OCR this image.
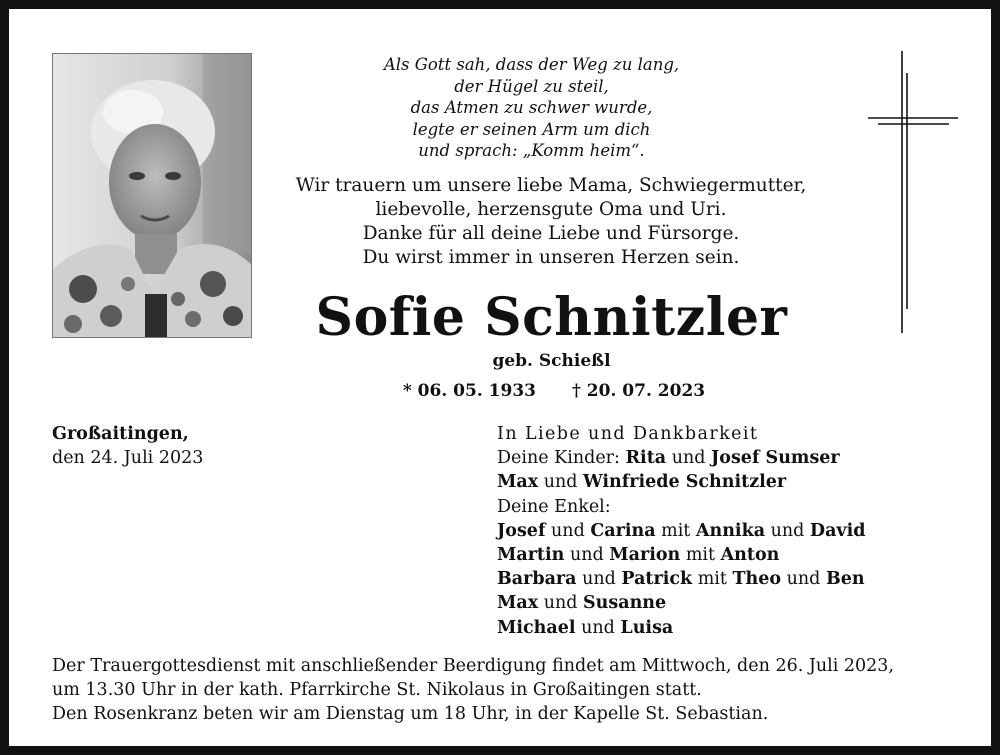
Als Gott sah, dass der Weg zu lang,
der Hügel zu steil,
das Atmen zu schwer wurde,
legte er seinen Arm um dich
und sprach: „Komm heim“.
Wir trauern um unsere liebe Mama, Schwiegermutter,
liebevolle, herzensgute Oma und Uri.
Danke für all deine Liebe und Fürsorge.
Du wirst immer in unseren Herzen sein.
Sofie Schnitzler
geb. Schießl
* 06. 05. 1933 † 20. 07. 2023
Großaitingen,
den 24. Juli 2023
In Liebe und Dankbarkeit
Deine Kinder: Rita und Josef Sumser
Max und Winfriede Schnitzler
Deine Enkel:
Josef und Carina mit Annika und David
Martin und Marion mit Anton
Barbara und Patrick mit Theo und Ben
Max und Susanne
Michael und Luisa
Der Trauergottesdienst mit anschließender Beerdigung findet am Mittwoch, den 26. Juli 2023,
um 13.30 Uhr in der kath. Pfarrkirche St. Nikolaus in Großaitingen statt.
Den Rosenkranz beten wir am Dienstag um 18 Uhr, in der Kapelle St. Sebastian.
